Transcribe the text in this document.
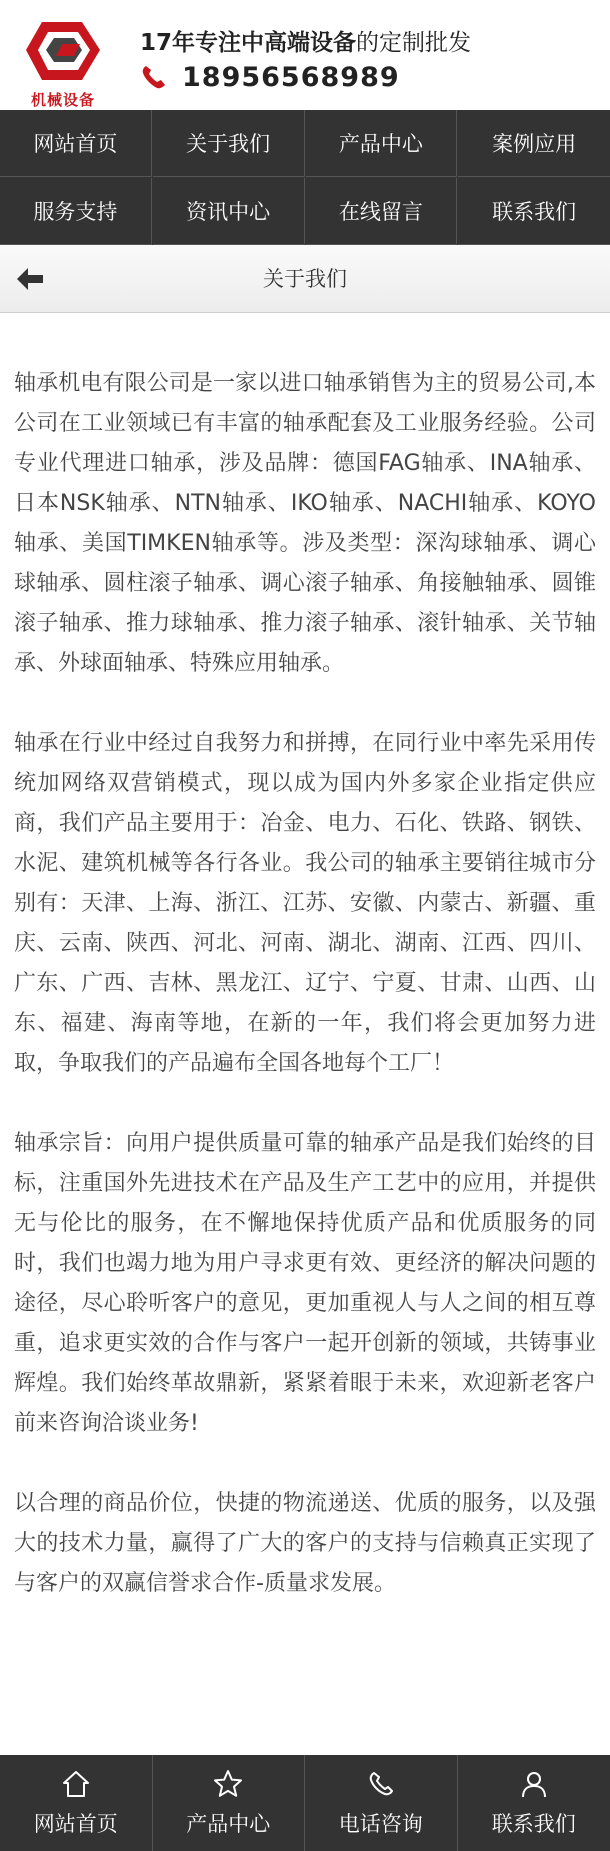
机械设备
17年专注中高端设备的定制批发
18956568989
网站首页	关于我们	产品中心	案例应用
服务支持	资讯中心	在线留言	联系我们
关于我们

轴承机电有限公司是一家以进口轴承销售为主的贸易公司,本公司在工业领域已有丰富的轴承配套及工业服务经验。公司专业代理进口轴承，涉及品牌：德国FAG轴承、INA轴承、日本NSK轴承、NTN轴承、IKO轴承、NACHI轴承、KOYO轴承、美国TIMKEN轴承等。涉及类型：深沟球轴承、调心球轴承、圆柱滚子轴承、调心滚子轴承、角接触轴承、圆锥滚子轴承、推力球轴承、推力滚子轴承、滚针轴承、关节轴承、外球面轴承、特殊应用轴承。

轴承在行业中经过自我努力和拼搏，在同行业中率先采用传统加网络双营销模式，现以成为国内外多家企业指定供应商，我们产品主要用于：冶金、电力、石化、铁路、钢铁、水泥、建筑机械等各行各业。我公司的轴承主要销往城市分别有：天津、上海、浙江、江苏、安徽、内蒙古、新疆、重 庆、云南、陕西、河北、河南、湖北、湖南、江西、四川、广东、广西、吉林、黑龙江、辽宁、宁夏、甘肃、山西、山东、福建、海南等地，在新的一年，我们将会更加努力进取，争取我们的产品遍布全国各地每个工厂！

轴承宗旨：向用户提供质量可靠的轴承产品是我们始终的目标，注重国外先进技术在产品及生产工艺中的应用，并提供无与伦比的服务，在不懈地保持优质产品和优质服务的同时，我们也竭力地为用户寻求更有效、更经济的解决问题的途径，尽心聆听客户的意见，更加重视人与人之间的相互尊重，追求更实效的合作与客户一起开创新的领域，共铸事业辉煌。我们始终革故鼎新，紧紧着眼于未来，欢迎新老客户前来咨询洽谈业务!

以合理的商品价位，快捷的物流递送、优质的服务，以及强大的技术力量，赢得了广大的客户的支持与信赖真正实现了与客户的双赢信誉求合作-质量求发展。

网站首页	产品中心	电话咨询	联系我们
